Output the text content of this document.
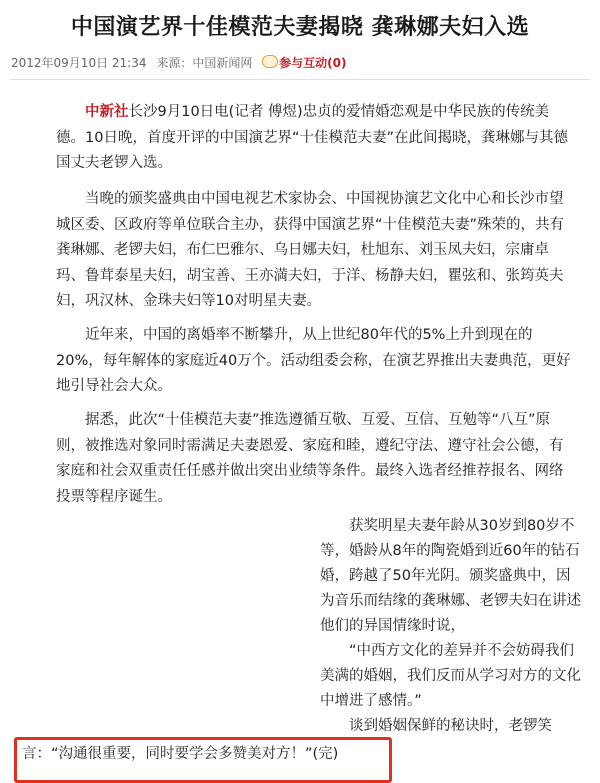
中国演艺界十佳模范夫妻揭晓 龚琳娜夫妇入选
2012年09月10日 21:34 来源：中国新闻网 参与互动(0)
中新社长沙9月10日电(记者 傅煜)忠贞的爱情婚恋观是中华民族的传统美德。10日晚，首度开评的中国演艺界“十佳模范夫妻”在此间揭晓，龚琳娜与其德国丈夫老锣入选。
当晚的颁奖盛典由中国电视艺术家协会、中国视协演艺文化中心和长沙市望城区委、区政府等单位联合主办，获得中国演艺界“十佳模范夫妻”殊荣的，共有龚琳娜、老锣夫妇，布仁巴雅尔、乌日娜夫妇，杜旭东、刘玉凤夫妇，宗庸卓玛、鲁茸泰星夫妇，胡宝善、王亦満夫妇，于洋、杨静夫妇，瞿弦和、张筠英夫妇，巩汉林、金珠夫妇等10对明星夫妻。
近年来，中国的离婚率不断攀升，从上世纪80年代的5%上升到现在的20%，每年解体的家庭近40万个。活动组委会称，在演艺界推出夫妻典范，更好地引导社会大众。
据悉，此次“十佳模范夫妻”推选遵循互敬、互爱、互信、互勉等“八互”原则，被推选对象同时需满足夫妻恩爱、家庭和睦，遵纪守法、遵守社会公德，有家庭和社会双重责任任感并做出突出业绩等条件。最终入选者经推荐报名、网络投票等程序诞生。
获奖明星夫妻年龄从30岁到80岁不等，婚龄从8年的陶瓷婚到近60年的钻石婚，跨越了50年光阴。颁奖盛典中，因为音乐而结缘的龚琳娜、老锣夫妇在讲述他们的异国情缘时说，
“中西方文化的差异并不会妨碍我们美满的婚姻，我们反而从学习对方的文化中增进了感情。”
谈到婚姻保鲜的秘诀时，老锣笑
言：“沟通很重要，同时要学会多赞美对方！”(完)
